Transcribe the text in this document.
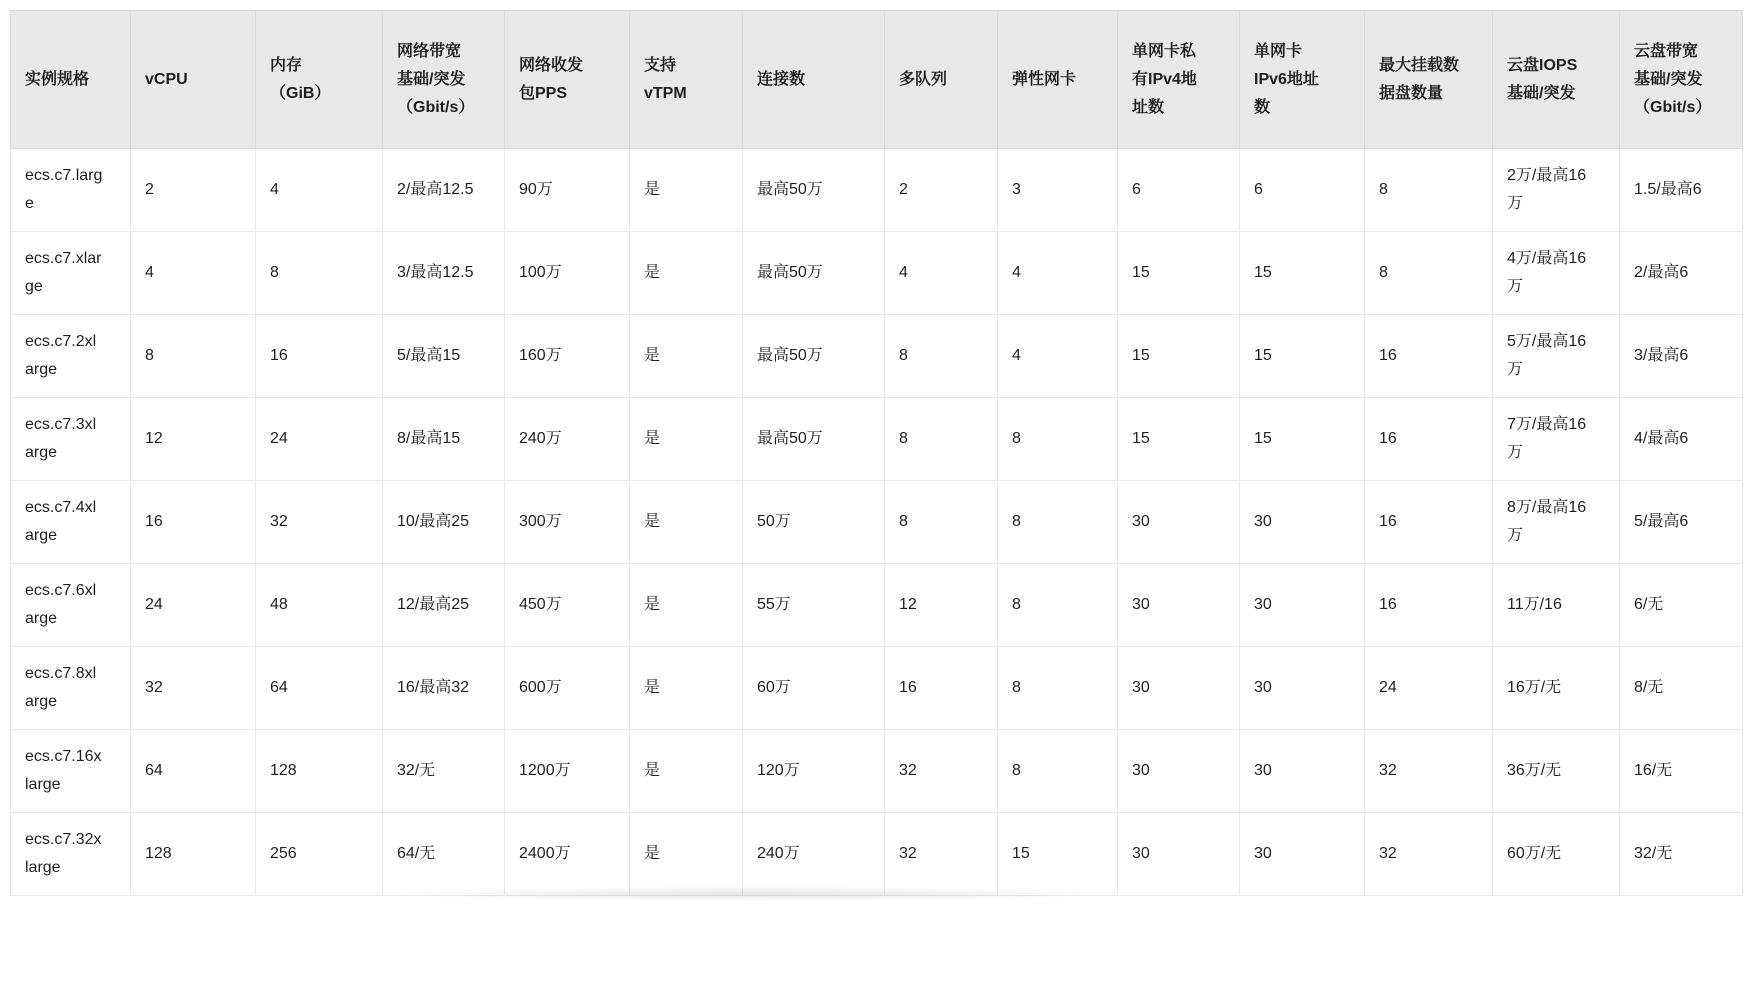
实例规格	vCPU	内存（GiB）	网络带宽基础/突发（Gbit/s）	网络收发包PPS	支持vTPM	连接数	多队列	弹性网卡	单网卡私有IPv4地址数	单网卡IPv6地址数	最大挂载数据盘数量	云盘IOPS基础/突发	云盘带宽基础/突发（Gbit/s）
ecs.c7.large	2	4	2/最高12.5	90万	是	最高50万	2	3	6	6	8	2万/最高16万	1.5/最高6
ecs.c7.xlarge	4	8	3/最高12.5	100万	是	最高50万	4	4	15	15	8	4万/最高16万	2/最高6
ecs.c7.2xlarge	8	16	5/最高15	160万	是	最高50万	8	4	15	15	16	5万/最高16万	3/最高6
ecs.c7.3xlarge	12	24	8/最高15	240万	是	最高50万	8	8	15	15	16	7万/最高16万	4/最高6
ecs.c7.4xlarge	16	32	10/最高25	300万	是	50万	8	8	30	30	16	8万/最高16万	5/最高6
ecs.c7.6xlarge	24	48	12/最高25	450万	是	55万	12	8	30	30	16	11万/16	6/无
ecs.c7.8xlarge	32	64	16/最高32	600万	是	60万	16	8	30	30	24	16万/无	8/无
ecs.c7.16xlarge	64	128	32/无	1200万	是	120万	32	8	30	30	32	36万/无	16/无
ecs.c7.32xlarge	128	256	64/无	2400万	是	240万	32	15	30	30	32	60万/无	32/无
